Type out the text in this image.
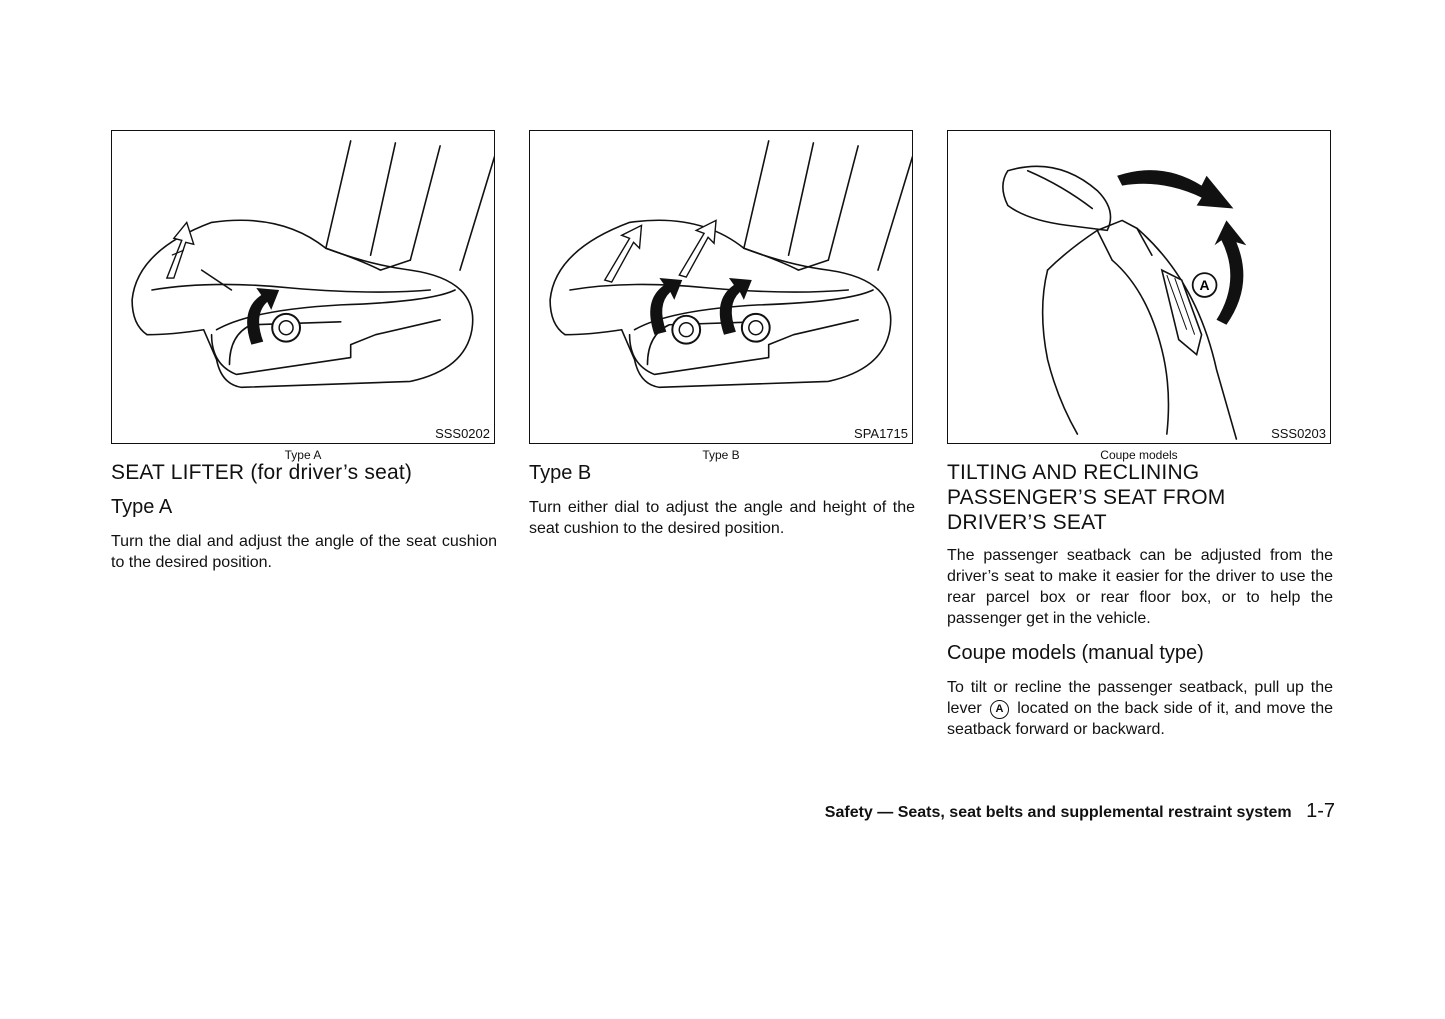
SSS0202
Type A
SPA1715
Type B
A
SSS0203
Coupe models
SEAT LIFTER (for driver’s seat)
Type A

Turn the dial and adjust the angle of the seat cushion to the desired position.

Type B

Turn either dial to adjust the angle and height of the seat cushion to the desired position.

TILTING AND RECLINING
PASSENGER’S SEAT FROM
DRIVER’S SEAT

The passenger seatback can be adjusted from the driver’s seat to make it easier for the driver to use the rear parcel box or rear floor box, or to help the passenger get in the vehicle.

Coupe models (manual type)

To tilt or recline the passenger seatback, pull up the lever A located on the back side of it, and move the seatback forward or backward.

Safety — Seats, seat belts and supplemental restraint system 1-7
